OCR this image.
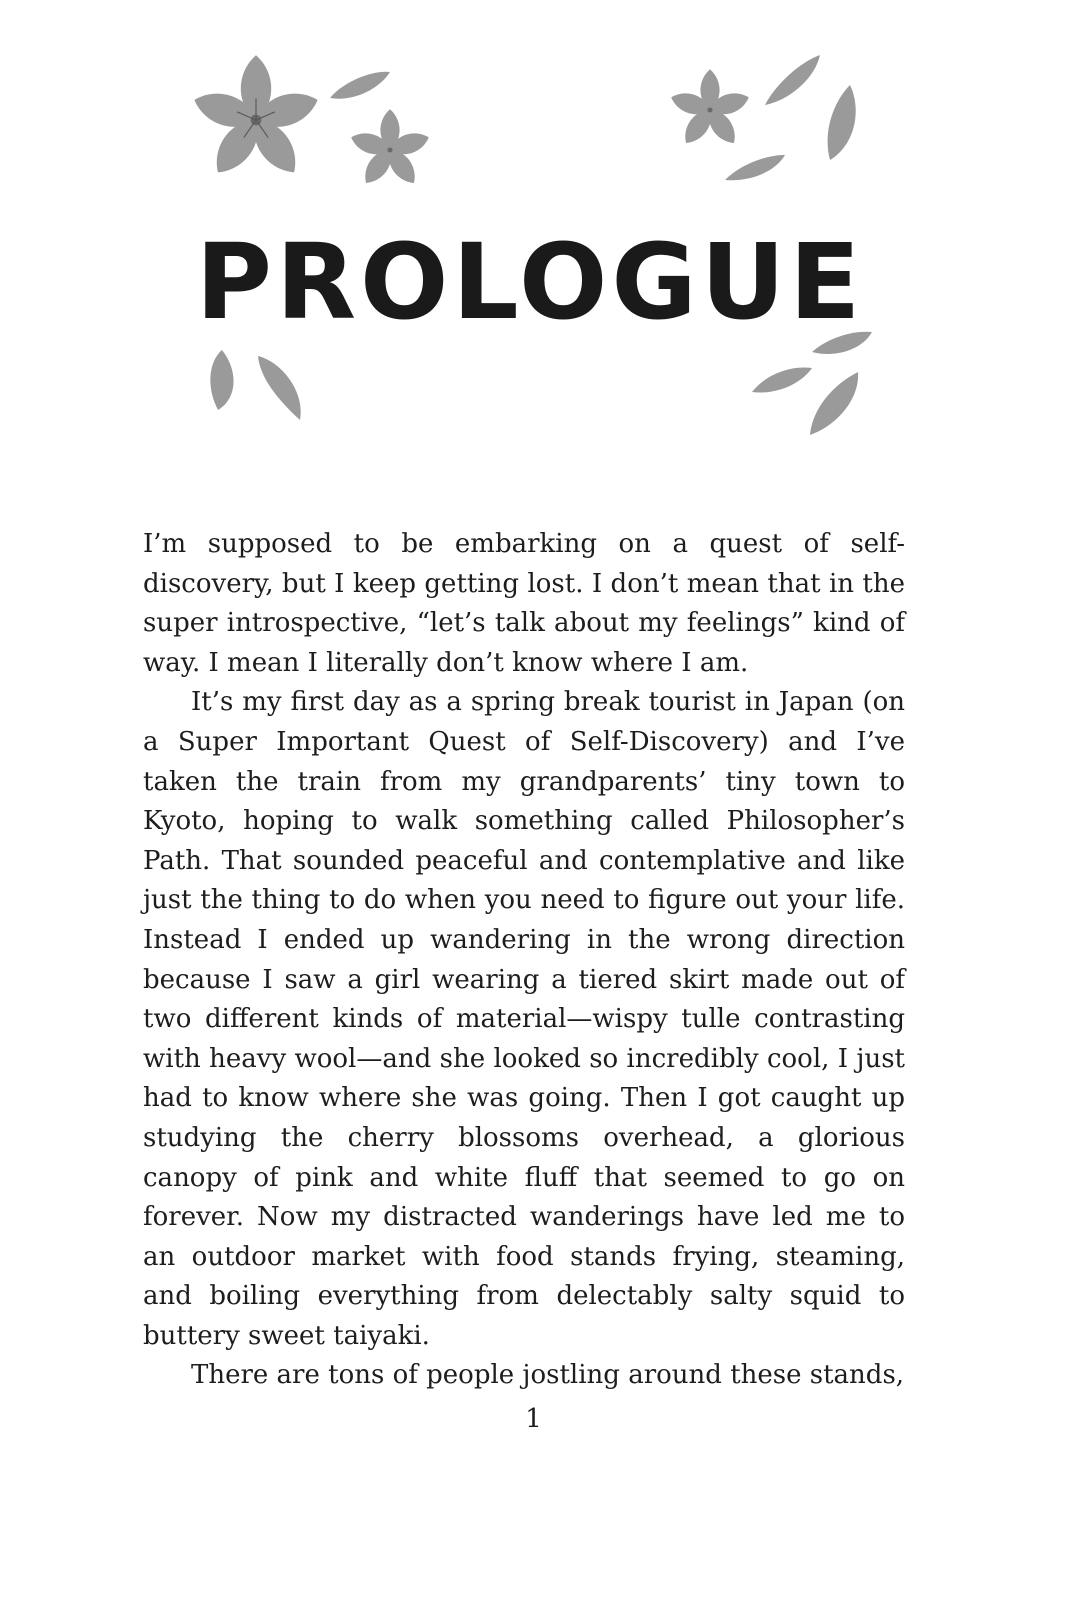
PROLOGUE

I’m supposed to be embarking on a quest of self-discovery, but I keep getting lost. I don’t mean that in the super introspective, “let’s talk about my feelings” kind of way. I mean I literally don’t know where I am.

It’s my first day as a spring break tourist in Japan (on a Super Important Quest of Self-Discovery) and I’ve taken the train from my grandparents’ tiny town to Kyoto, hoping to walk something called Philosopher’s Path. That sounded peaceful and contemplative and like just the thing to do when you need to figure out your life. Instead I ended up wandering in the wrong direction because I saw a girl wearing a tiered skirt made out of two different kinds of material—wispy tulle contrasting with heavy wool—and she looked so incredibly cool, I just had to know where she was going. Then I got caught up studying the cherry blossoms overhead, a glorious canopy of pink and white fluff that seemed to go on forever. Now my distracted wanderings have led me to an outdoor market with food stands frying, steaming, and boiling everything from delectably salty squid to buttery sweet taiyaki.

There are tons of people jostling around these stands,

1
